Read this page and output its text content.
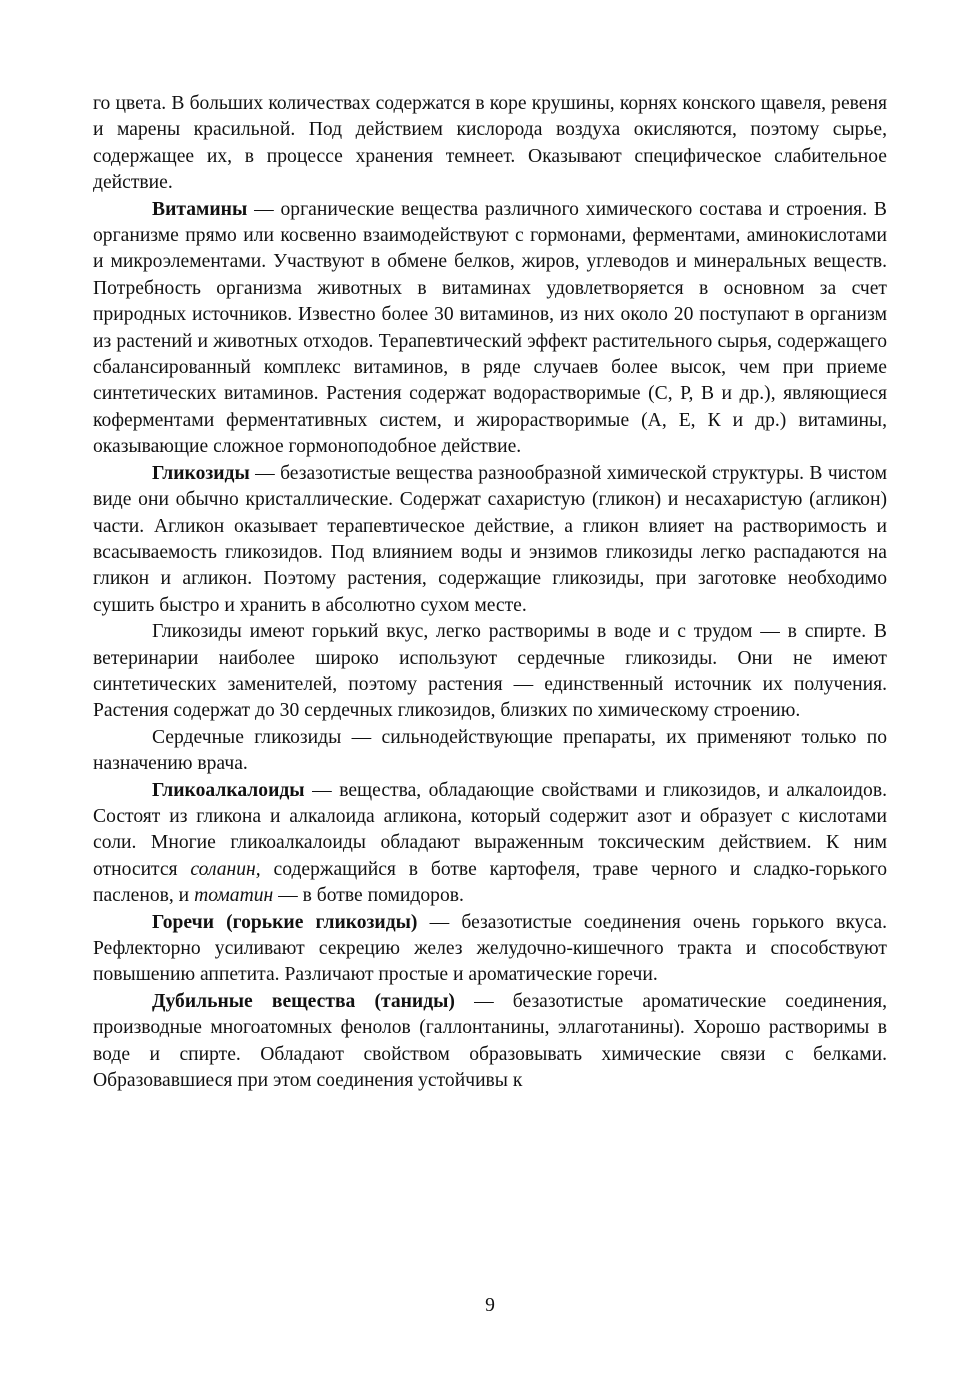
го цвета. В больших количествах содержатся в коре крушины, корнях конского щавеля, ревеня и марены красильной. Под действием кислорода воздуха окисляются, поэтому сырье, содержащее их, в процессе хранения темнеет. Оказывают специфическое слабительное действие.

Витамины — органические вещества различного химического состава и строения. В организме прямо или косвенно взаимодействуют с гормонами, ферментами, аминокислотами и микроэлементами. Участвуют в обмене белков, жиров, углеводов и минеральных веществ. Потребность организма животных в витаминах удовлетворяется в основном за счет природных источников. Известно более 30 витаминов, из них около 20 поступают в организм из растений и животных отходов. Терапевтический эффект растительного сырья, содержащего сбалансированный комплекс витаминов, в ряде случаев более высок, чем при приеме синтетических витаминов. Растения содержат водорастворимые (С, Р, В и др.), являющиеся коферментами ферментативных систем, и жирорастворимые (А, Е, К и др.) витамины, оказывающие сложное гормоноподобное действие.

Гликозиды — безазотистые вещества разнообразной химической структуры. В чистом виде они обычно кристаллические. Содержат сахаристую (гликон) и несахаристую (агликон) части. Агликон оказывает терапевтическое действие, а гликон влияет на растворимость и всасываемость гликозидов. Под влиянием воды и энзимов гликозиды легко распадаются на гликон и агликон. Поэтому растения, содержащие гликозиды, при заготовке необходимо сушить быстро и хранить в абсолютно сухом месте.

Гликозиды имеют горький вкус, легко растворимы в воде и с трудом — в спирте. В ветеринарии наиболее широко используют сердечные гликозиды. Они не имеют синтетических заменителей, поэтому растения — единственный источник их получения. Растения содержат до 30 сердечных гликозидов, близких по химическому строению.

Сердечные гликозиды — сильнодействующие препараты, их применяют только по назначению врача.

Гликоалкалоиды — вещества, обладающие свойствами и гликозидов, и алкалоидов. Состоят из гликона и алкалоида агликона, который содержит азот и образует с кислотами соли. Многие гликоалкалоиды обладают выраженным токсическим действием. К ним относится соланин, содержащийся в ботве картофеля, траве черного и сладко-горького пасленов, и томатин — в ботве помидоров.

Горечи (горькие гликозиды) — безазотистые соединения очень горького вкуса. Рефлекторно усиливают секрецию желез желудочно-кишечного тракта и способствуют повышению аппетита. Различают простые и ароматические горечи.

Дубильные вещества (таниды) — безазотистые ароматические соединения, производные многоатомных фенолов (галлонтанины, эллаготанины). Хорошо растворимы в воде и спирте. Обладают свойством образовывать химические связи с белками. Образовавшиеся при этом соединения устойчивы к

9
